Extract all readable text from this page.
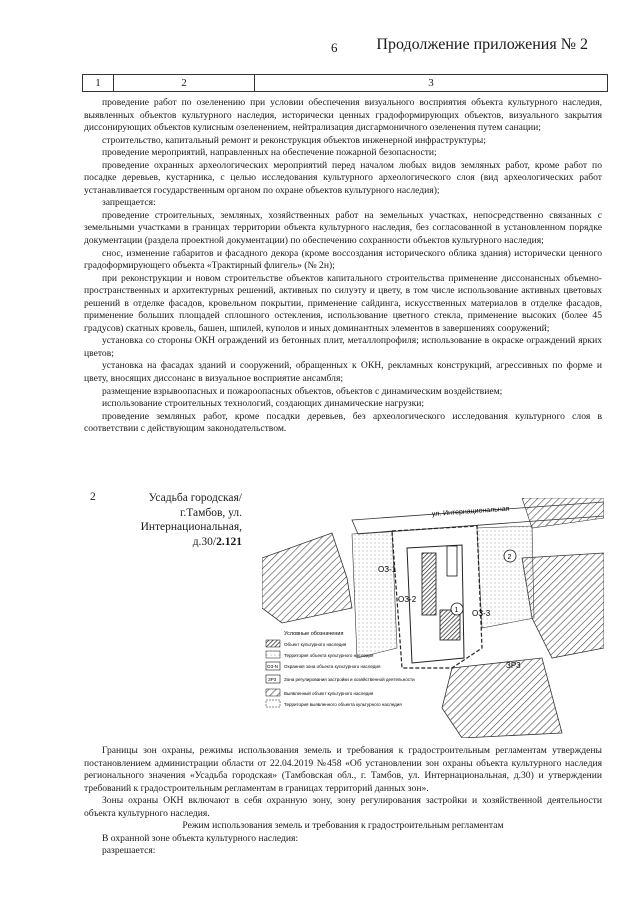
6 Продолжение приложения № 2
1	2	3

проведение работ по озеленению при условии обеспечения визуального восприятия объекта культурного наследия, выявленных объектов культурного наследия, исторически ценных градоформирующих объектов, визуального закрытия диссонирующих объектов кулисным озеленением, нейтрализация дисгармоничного озеленения путем санации;

строительство, капитальный ремонт и реконструкция объектов инженерной инфраструктуры;

проведение мероприятий, направленных на обеспечение пожарной безопасности;

проведение охранных археологических мероприятий перед началом любых видов земляных работ, кроме работ по посадке деревьев, кустарника, с целью исследования культурного археологического слоя (вид археологических работ устанавливается государственным органом по охране объектов культурного наследия);

запрещается:

проведение строительных, земляных, хозяйственных работ на земельных участках, непосредственно связанных с земельными участками в границах территории объекта культурного наследия, без согласованной в установленном порядке документации (раздела проектной документации) по обеспечению сохранности объектов культурного наследия;

снос, изменение габаритов и фасадного декора (кроме воссоздания исторического облика здания) исторически ценного градоформирующего объекта «Трактирный флигель» (№ 2н);

при реконструкции и новом строительстве объектов капитального строительства применение диссонансных объемно-пространственных и архитектурных решений, активных по силуэту и цвету, в том числе использование активных цветовых решений в отделке фасадов, кровельном покрытии, применение сайдинга, искусственных материалов в отделке фасадов, применение больших площадей сплошного остекления, использование цветного стекла, применение высоких (более 45 градусов) скатных кровель, башен, шпилей, куполов и иных доминантных элементов в завершениях сооружений;

установка со стороны ОКН ограждений из бетонных плит, металлопрофиля; использование в окраске ограждений ярких цветов;

установка на фасадах зданий и сооружений, обращенных к ОКН, рекламных конструкций, агрессивных по форме и цвету, вносящих диссонанс в визуальное восприятие ансамбля;

размещение взрывоопасных и пожароопасных объектов, объектов с динамическим воздействием;

использование строительных технологий, создающих динамические нагрузки;

проведение земляных работ, кроме посадки деревьев, без археологического исследования культурного слоя в соответствии с действующим законодательством.

2	Усадьба городская/
г.Тамбов, ул.
Интернациональная,
д.30/2.121
ул. Интернациональная
ОЗ-1
ОЗ-2
ОЗ-3
ЗР3
1
2
Условные обозначения
Объект культурного наследия
Территория объекта культурного наследия
ОЗ-N Охранная зона объекта культурного наследия
ЗР3 Зона регулирования застройки и хозяйственной деятельности
Выявленный объект культурного наследия
Территория выявленного объекта культурного наследия

Границы зон охраны, режимы использования земель и требования к градостроительным регламентам утверждены постановлением администрации области от 22.04.2019 №458 «Об установлении зон охраны объекта культурного наследия регионального значения «Усадьба городская» (Тамбовская обл., г. Тамбов, ул. Интернациональная, д.30) и утверждении требований к градостроительным регламентам в границах территорий данных зон».

Зоны охраны ОКН включают в себя охранную зону, зону регулирования застройки и хозяйственной деятельности объекта культурного наследия.

Режим использования земель и требования к градостроительным регламентам

В охранной зоне объекта культурного наследия:

разрешается:
